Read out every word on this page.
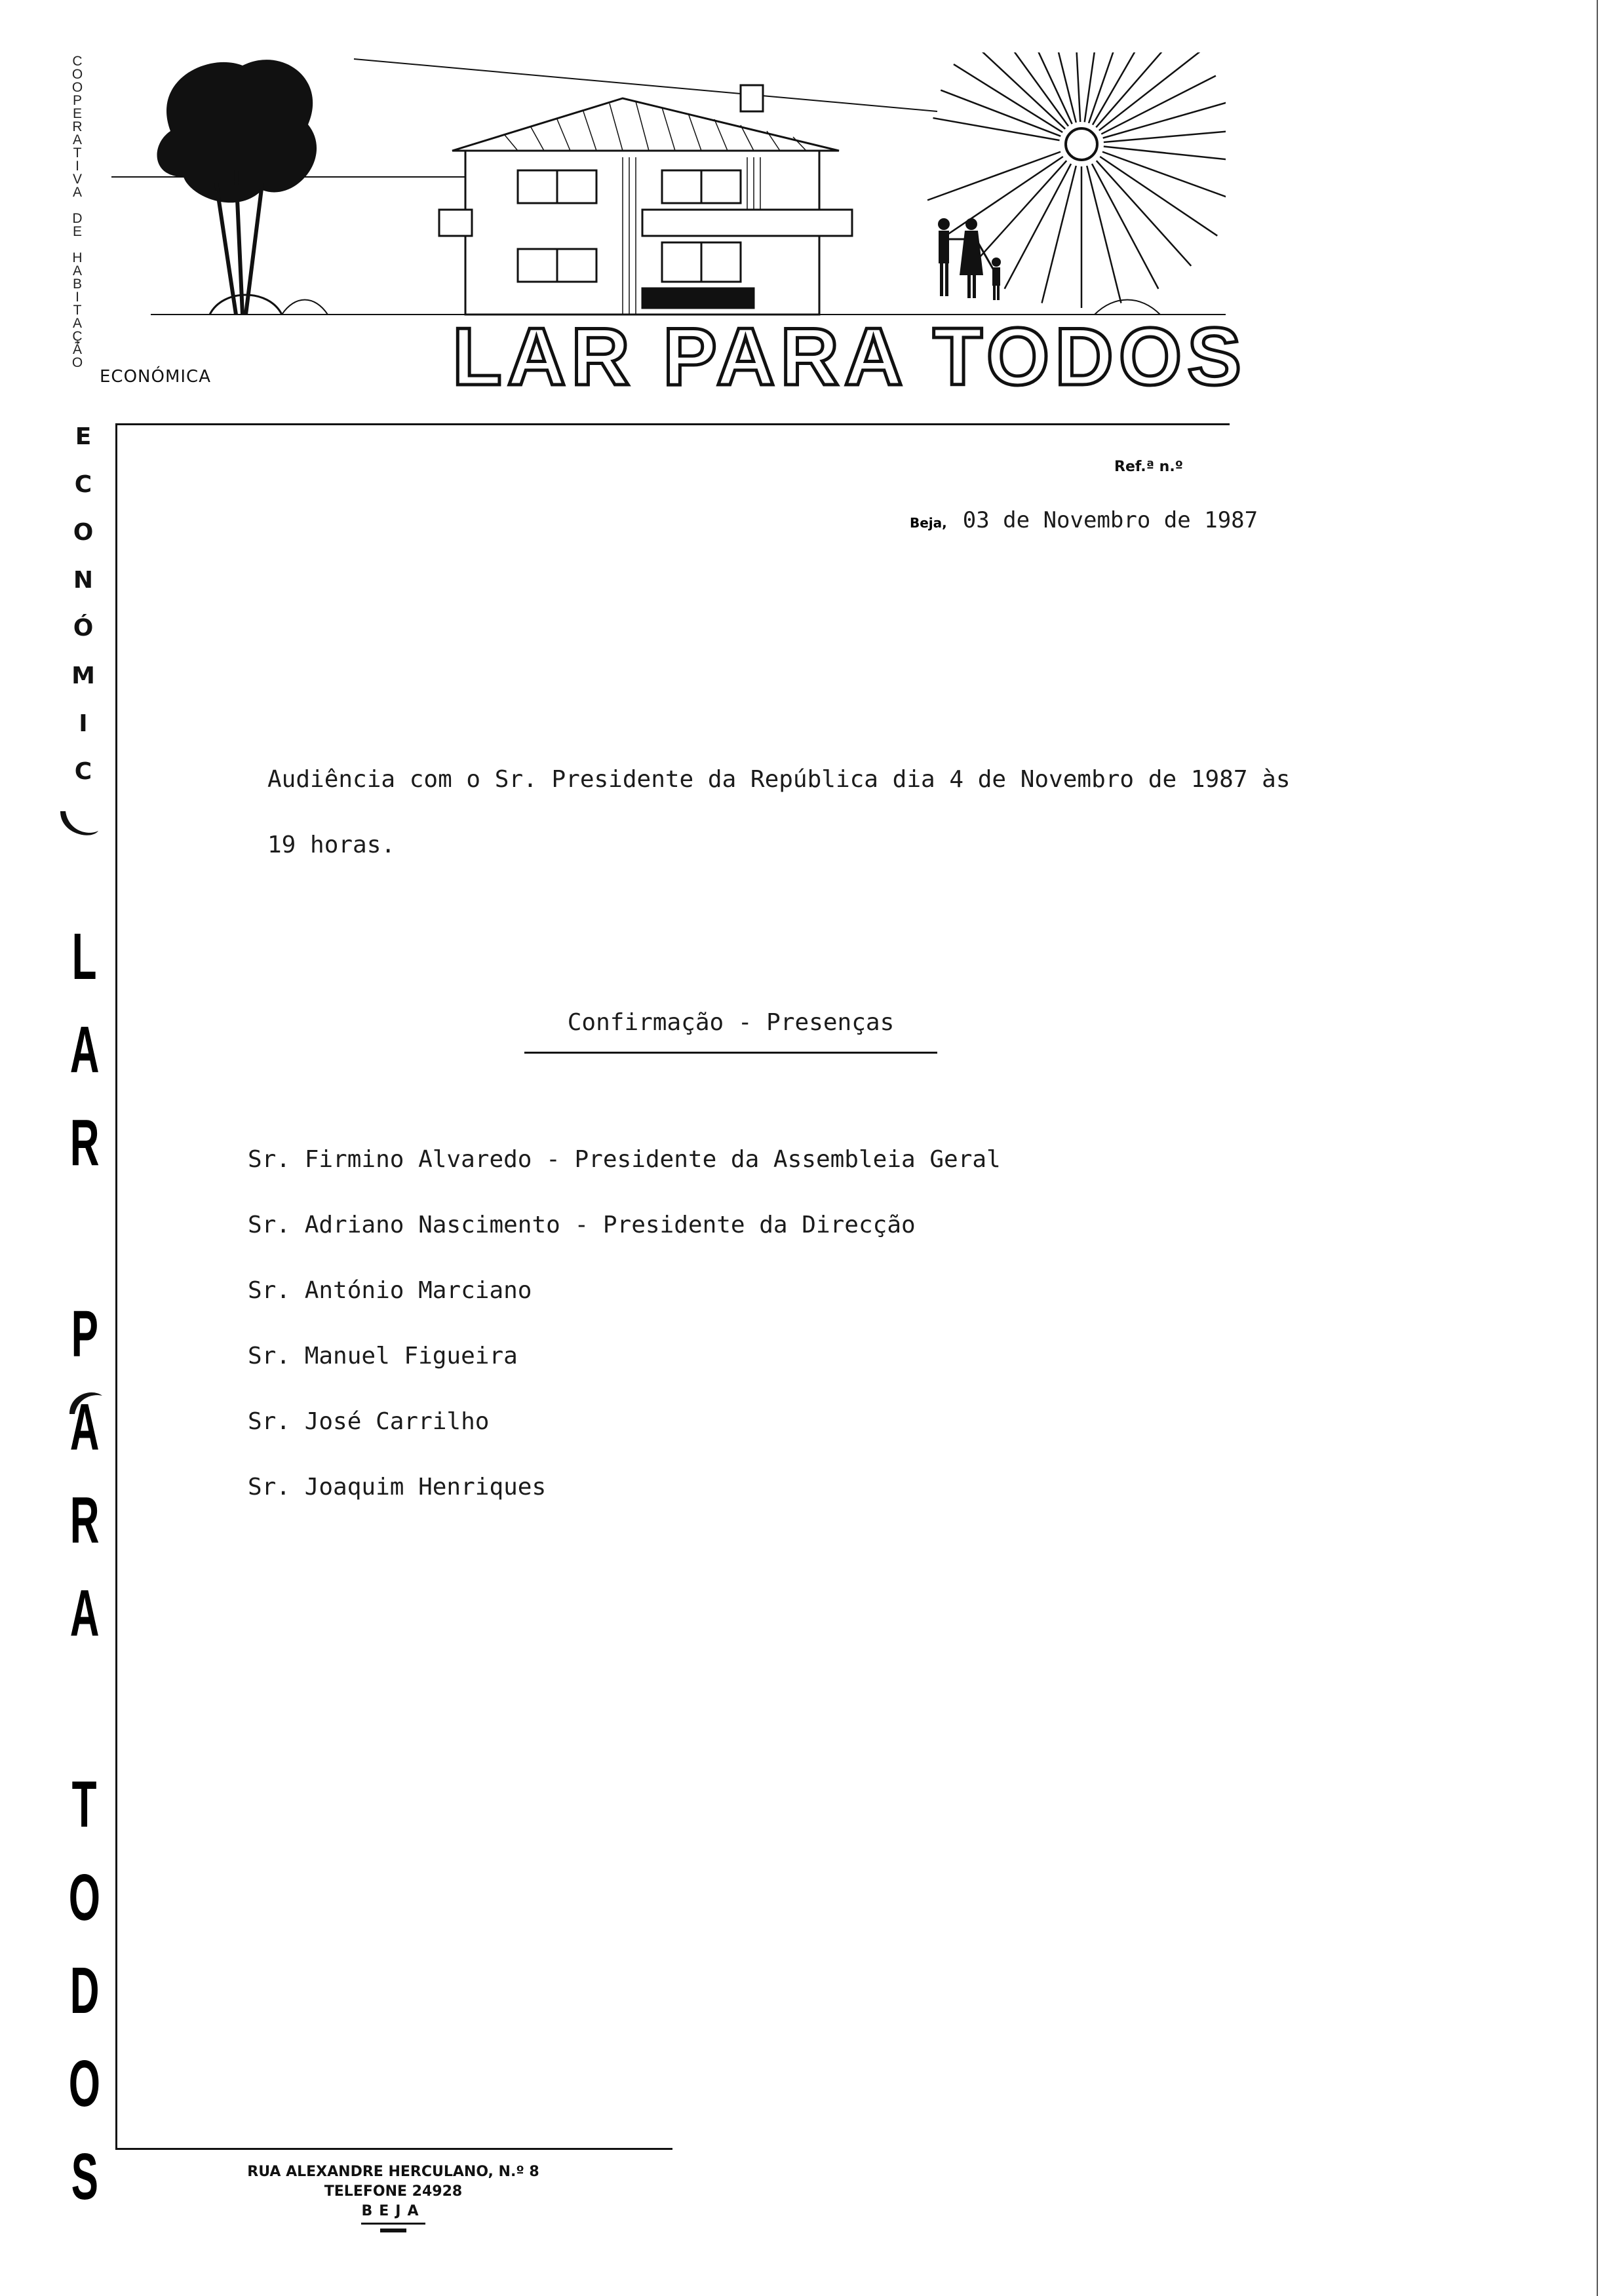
C
O
O
P
E
R
A
T
I
V
A
D
E
H
A
B
I
T
A
Ç
Ã
O
ECONÓMICA	LAR PARA TODOS
E
C
O
N
Ó
M
I
C
L
A
R
P
A
R
A
T
O
D
O
S
Ref.ª n.º
Beja, 03 de Novembro de 1987
Audiência com o Sr. Presidente da República dia 4 de Novembro de 1987 às
19 horas.
Confirmação - Presenças
Sr. Firmino Alvaredo - Presidente da Assembleia Geral
Sr. Adriano Nascimento - Presidente da Direcção
Sr. António Marciano
Sr. Manuel Figueira
Sr. José Carrilho
Sr. Joaquim Henriques
RUA ALEXANDRE HERCULANO, N.º 8
TELEFONE 24928
BEJA
